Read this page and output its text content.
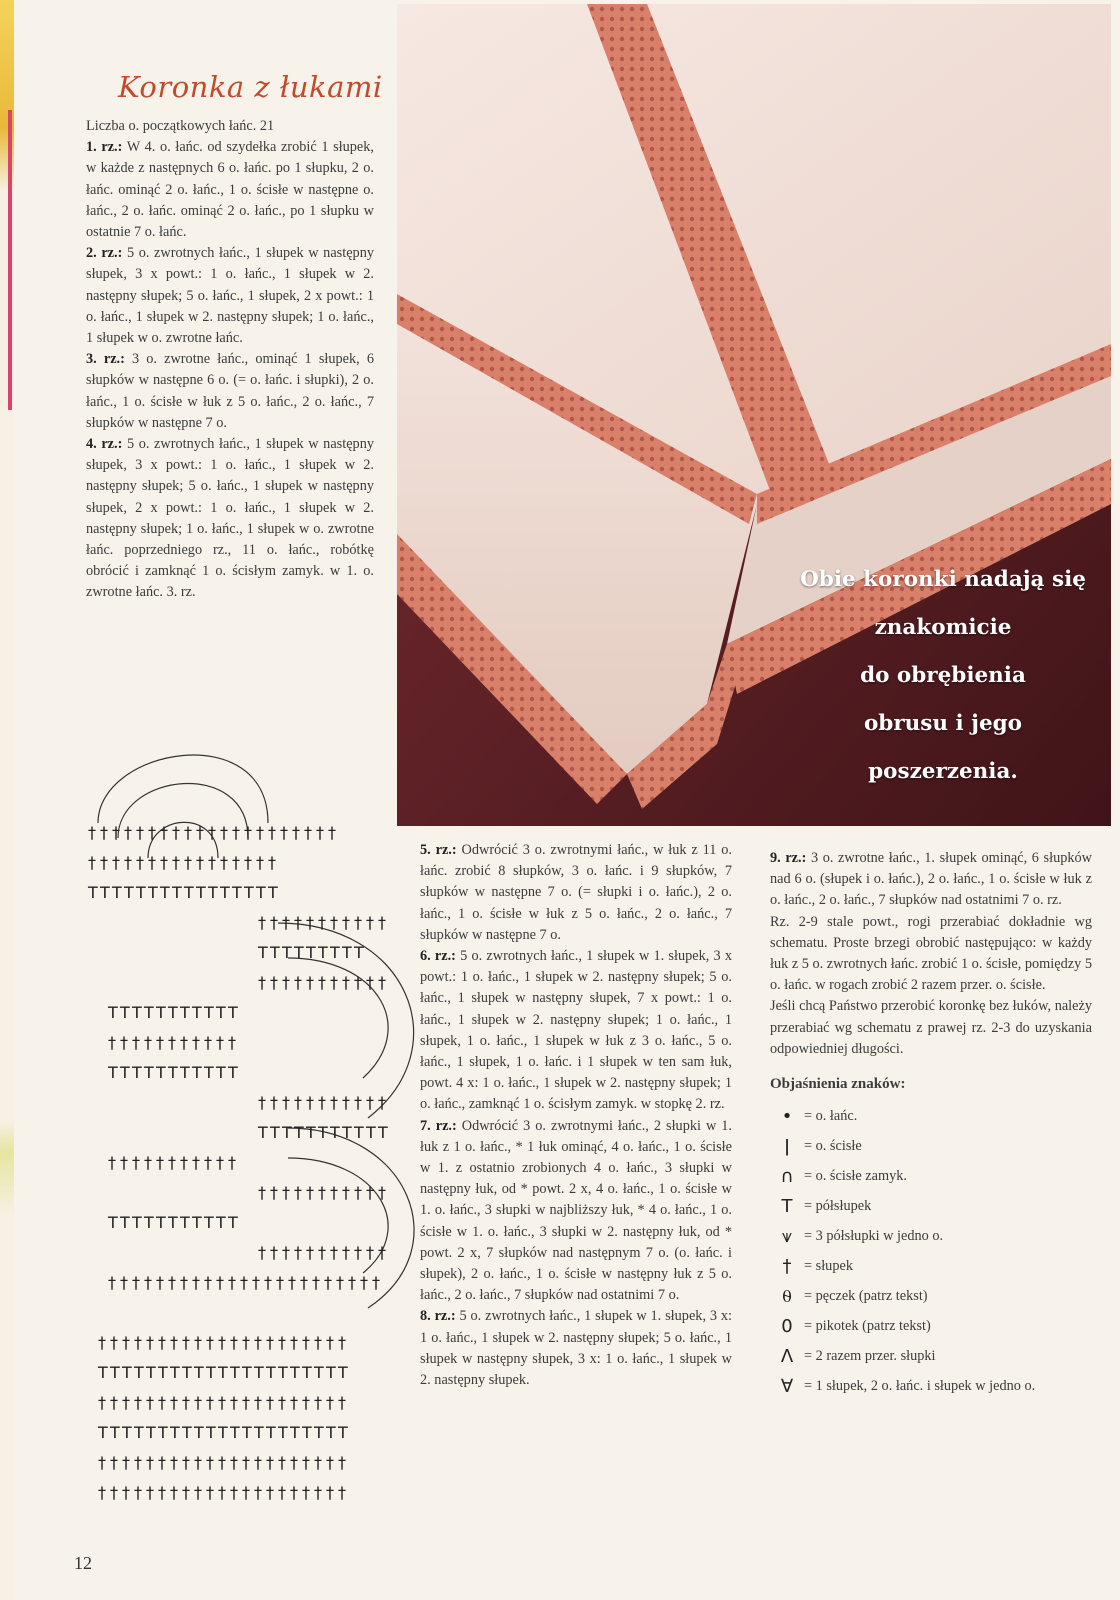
Koronka z łukami

Liczba o. początkowych łańc. 21

1. rz.: W 4. o. łańc. od szydełka zrobić 1 słupek, w każde z następnych 6 o. łańc. po 1 słupku, 2 o. łańc. ominąć 2 o. łańc., 1 o. ścisłe w następne o. łańc., 2 o. łańc. ominąć 2 o. łańc., po 1 słupku w ostatnie 7 o. łańc.

2. rz.: 5 o. zwrotnych łańc., 1 słupek w następny słupek, 3 x powt.: 1 o. łańc., 1 słupek w 2. następny słupek; 5 o. łańc., 1 słupek, 2 x powt.: 1 o. łańc., 1 słupek w 2. następny słupek; 1 o. łańc., 1 słupek w o. zwrotne łańc.

3. rz.: 3 o. zwrotne łańc., ominąć 1 słupek, 6 słupków w następne 6 o. (= o. łańc. i słupki), 2 o. łańc., 1 o. ścisłe w łuk z 5 o. łańc., 2 o. łańc., 7 słupków w następne 7 o.

4. rz.: 5 o. zwrotnych łańc., 1 słupek w następny słupek, 3 x powt.: 1 o. łańc., 1 słupek w 2. następny słupek; 5 o. łańc., 1 słupek w następny słupek, 2 x powt.: 1 o. łańc., 1 słupek w 2. następny słupek; 1 o. łańc., 1 słupek w o. zwrotne łańc. poprzedniego rz., 11 o. łańc., robótkę obrócić i zamknąć 1 o. ścisłym zamyk. w 1. o. zwrotne łańc. 3. rz.

Obie koronki nadają się
znakomicie
do obrębienia
obrusu i jego
poszerzenia.
† † † † † † † † † † † † † † † † † † † † †
† † † † † † † † † † † † † † † †
T T T T T T T T T T T T T T T T
† † † † † † † † † † †
T T T T T T T T T
† † † † † † † † † † †
T T T T T T T T T T T
† † † † † † † † † † †
T T T T T T T T T T T
† † † † † † † † † † †
T T T T T T T T T T T
† † † † † † † † † † †
† † † † † † † † † † †
T T T T T T T T T T T
† † † † † † † † † † †
† † † † † † † † † † † † † † † † † † † † † † †
† † † † † † † † † † † † † † † † † † † † †
T T T T T T T T T T T T T T T T T T T T T
† † † † † † † † † † † † † † † † † † † † †
T T T T T T T T T T T T T T T T T T T T T
† † † † † † † † † † † † † † † † † † † † †
† † † † † † † † † † † † † † † † † † † † †

5. rz.: Odwrócić 3 o. zwrotnymi łańc., w łuk z 11 o. łańc. zrobić 8 słupków, 3 o. łańc. i 9 słupków, 7 słupków w następne 7 o. (= słupki i o. łańc.), 2 o. łańc., 1 o. ścisłe w łuk z 5 o. łańc., 2 o. łańc., 7 słupków w następne 7 o.

6. rz.: 5 o. zwrotnych łańc., 1 słupek w 1. słupek, 3 x powt.: 1 o. łańc., 1 słupek w 2. następny słupek; 5 o. łańc., 1 słupek w następny słupek, 7 x powt.: 1 o. łańc., 1 słupek w 2. następny słupek; 1 o. łańc., 1 słupek, 1 o. łańc., 1 słupek w łuk z 3 o. łańc., 5 o. łańc., 1 słupek, 1 o. łańc. i 1 słupek w ten sam łuk, powt. 4 x: 1 o. łańc., 1 słupek w 2. następny słupek; 1 o. łańc., zamknąć 1 o. ścisłym zamyk. w stopkę 2. rz.

7. rz.: Odwrócić 3 o. zwrotnymi łańc., 2 słupki w 1. łuk z 1 o. łańc., * 1 łuk ominąć, 4 o. łańc., 1 o. ścisłe w 1. z ostatnio zrobionych 4 o. łańc., 3 słupki w następny łuk, od * powt. 2 x, 4 o. łańc., 1 o. ścisłe w 1. o. łańc., 3 słupki w najbliższy łuk, * 4 o. łańc., 1 o. ścisłe w 1. o. łańc., 3 słupki w 2. następny łuk, od * powt. 2 x, 7 słupków nad następnym 7 o. (o. łańc. i słupek), 2 o. łańc., 1 o. ścisłe w następny łuk z 5 o. łańc., 2 o. łańc., 7 słupków nad ostatnimi 7 o.

8. rz.: 5 o. zwrotnych łańc., 1 słupek w 1. słupek, 3 x: 1 o. łańc., 1 słupek w 2. następny słupek; 5 o. łańc., 1 słupek w następny słupek, 3 x: 1 o. łańc., 1 słupek w 2. następny słupek.

9. rz.: 3 o. zwrotne łańc., 1. słupek ominąć, 6 słupków nad 6 o. (słupek i o. łańc.), 2 o. łańc., 1 o. ścisłe w łuk z o. łańc., 2 o. łańc., 7 słupków nad ostatnimi 7 o. rz.

Rz. 2-9 stale powt., rogi przerabiać dokładnie wg schematu. Proste brzegi obrobić następująco: w każdy łuk z 5 o. zwrotnych łańc. zrobić 1 o. ścisłe, pomiędzy 5 o. łańc. w rogach zrobić 2 razem przer. o. ścisłe.

Jeśli chcą Państwo przerobić koronkę bez łuków, należy przerabiać wg schematu z prawej rz. 2-3 do uzyskania odpowiedniej długości.

Objaśnienia znaków:
• = o. łańc.
ǀ	= o. ścisłe
∩ = o. ścisłe zamyk.
T = półsłupek
⩛ = 3 półsłupki w jedno o.
† = słupek
⍬ = pęczek (patrz tekst)
0 = pikotek (patrz tekst)
Λ = 2 razem przer. słupki
∀ = 1 słupek, 2 o. łańc. i słupek w jedno o.
12
